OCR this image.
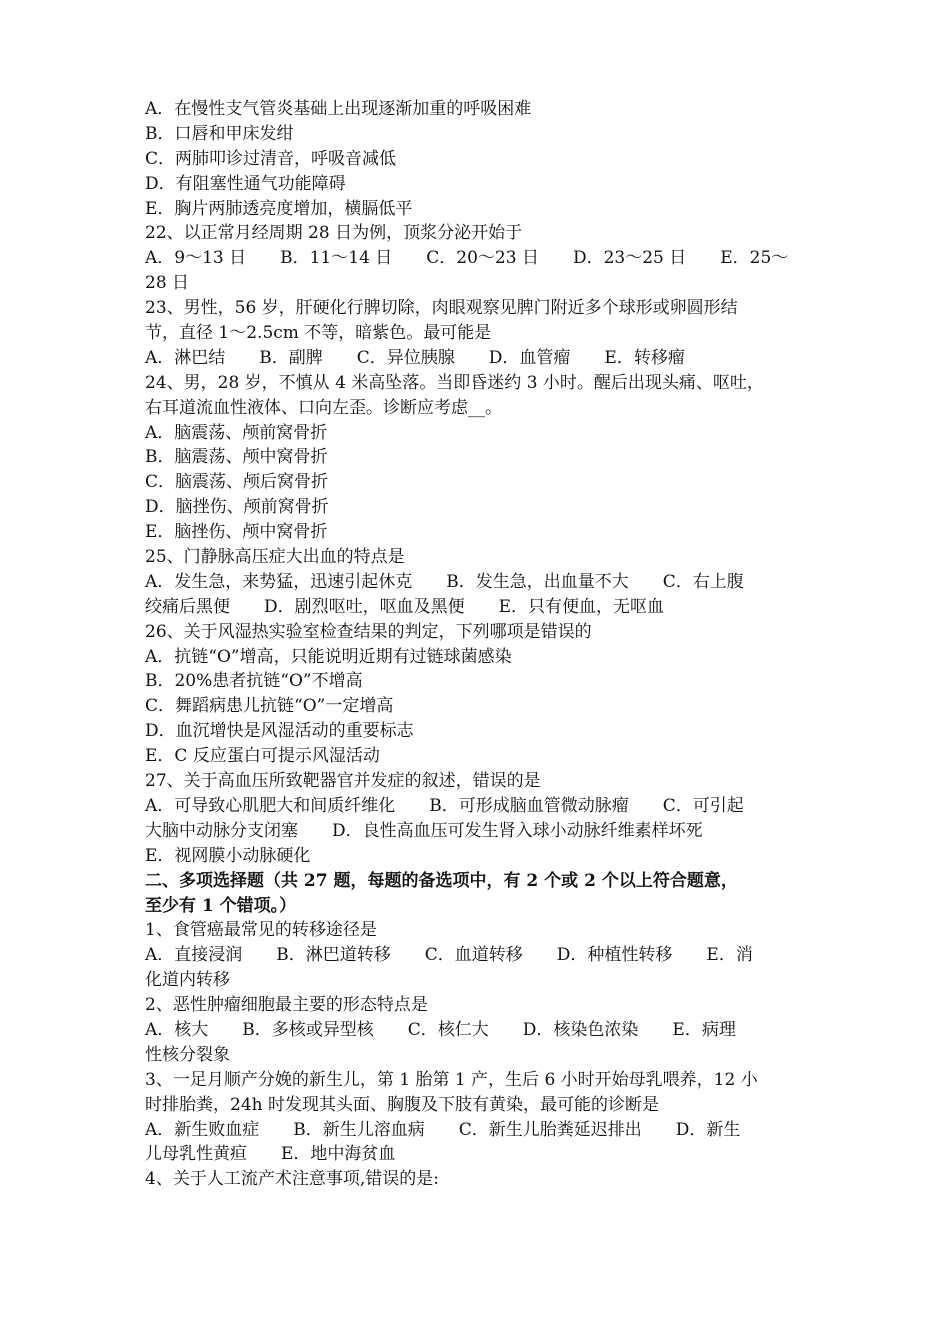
A．在慢性支气管炎基础上出现逐渐加重的呼吸困难
B．口唇和甲床发绀
C．两肺叩诊过清音，呼吸音减低
D．有阻塞性通气功能障碍
E．胸片两肺透亮度增加，横膈低平
22、以正常月经周期 28 日为例，顶浆分泌开始于
A．9～13 日　　B．11～14 日　　C．20～23 日　　D．23～25 日　　E．25～
28 日
23、男性，56 岁，肝硬化行脾切除，肉眼观察见脾门附近多个球形或卵圆形结
节，直径 1～2.5cm 不等，暗紫色。最可能是
A．淋巴结　　B．副脾　　C．异位胰腺　　D．血管瘤　　E．转移瘤
24、男，28 岁，不慎从 4 米高坠落。当即昏迷约 3 小时。醒后出现头痛、呕吐，
右耳道流血性液体、口向左歪。诊断应考虑__。
A．脑震荡、颅前窝骨折
B．脑震荡、颅中窝骨折
C．脑震荡、颅后窝骨折
D．脑挫伤、颅前窝骨折
E．脑挫伤、颅中窝骨折
25、门静脉高压症大出血的特点是
A．发生急，来势猛，迅速引起休克　　B．发生急，出血量不大　　C．右上腹
绞痛后黑便　　D．剧烈呕吐，呕血及黑便　　E．只有便血，无呕血
26、关于风湿热实验室检查结果的判定，下列哪项是错误的
A．抗链“O”增高，只能说明近期有过链球菌感染
B．20%患者抗链“O”不增高
C．舞蹈病患儿抗链“O”一定增高
D．血沉增快是风湿活动的重要标志
E．C 反应蛋白可提示风湿活动
27、关于高血压所致靶器官并发症的叙述，错误的是
A．可导致心肌肥大和间质纤维化　　B．可形成脑血管微动脉瘤　　C．可引起
大脑中动脉分支闭塞　　D．良性高血压可发生肾入球小动脉纤维素样坏死
E．视网膜小动脉硬化
二、多项选择题（共 27 题，每题的备选项中，有 2 个或 2 个以上符合题意，
至少有 1 个错项。）
1、食管癌最常见的转移途径是
A．直接浸润　　B．淋巴道转移　　C．血道转移　　D．种植性转移　　E．消
化道内转移
2、恶性肿瘤细胞最主要的形态特点是
A．核大　　B．多核或异型核　　C．核仁大　　D．核染色浓染　　E．病理
性核分裂象
3、一足月顺产分娩的新生儿，第 1 胎第 1 产，生后 6 小时开始母乳喂养，12 小
时排胎粪，24h 时发现其头面、胸腹及下肢有黄染，最可能的诊断是
A．新生败血症　　B．新生儿溶血病　　C．新生儿胎粪延迟排出　　D．新生
儿母乳性黄疸　　E．地中海贫血
4、关于人工流产术注意事项,错误的是:
